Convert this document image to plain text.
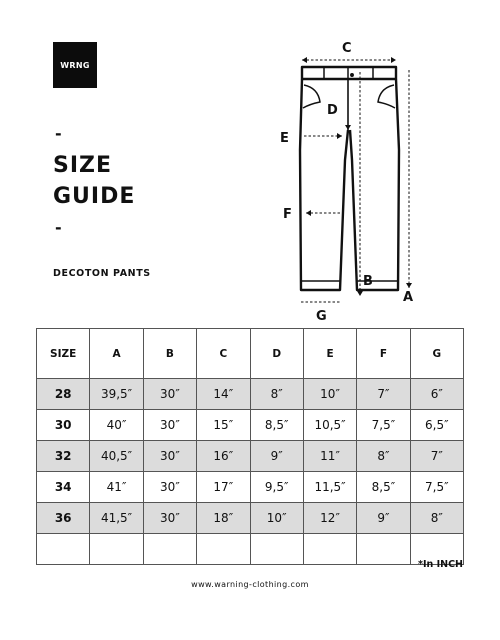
WRNG
-
SIZE
GUIDE
-
DECOTON PANTS
C
D
E
F
B
A
G
SIZE	A	B	C	D	E	F	G
28	39,5″	30″	14″	8″	10″	7″	6″
30	40″	30″	15″	8,5″	10,5″	7,5″	6,5″
32	40,5″	30″	16″	9″	11″	8″	7″
34	41″	30″	17″	9,5″	11,5″	8,5″	7,5″
36	41,5″	30″	18″	10″	12″	9″	8″

*In INCH
www.warning-clothing.com
